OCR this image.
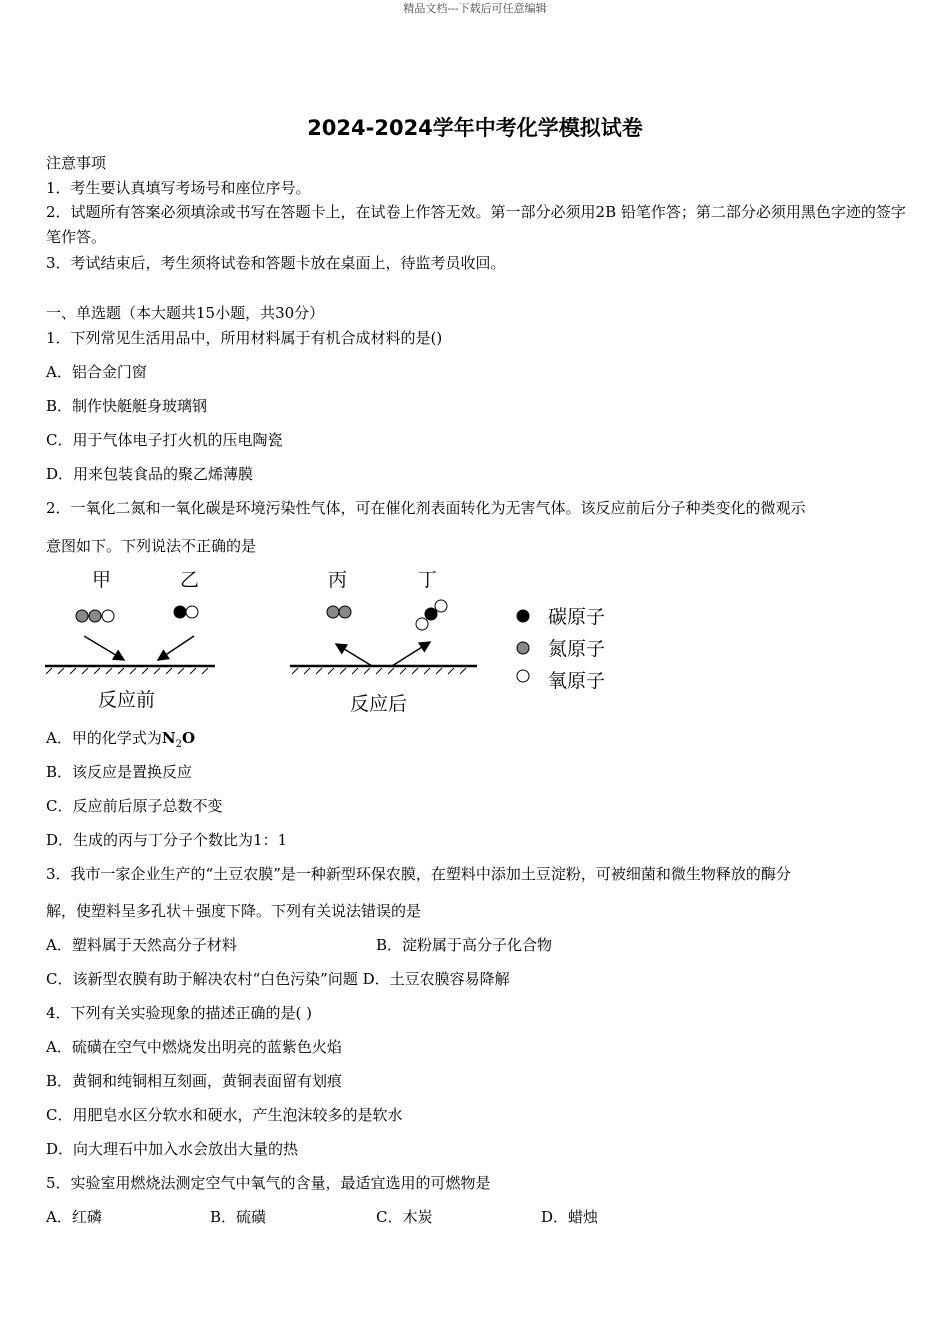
精品文档---下载后可任意编辑
2024-2024学年中考化学模拟试卷
注意事项
1．考生要认真填写考场号和座位序号。
2．试题所有答案必须填涂或书写在答题卡上，在试卷上作答无效。第一部分必须用2B 铅笔作答；第二部分必须用黑色字迹的签字笔作答。
3．考试结束后，考生须将试卷和答题卡放在桌面上，待监考员收回。
一、单选题（本大题共15小题，共30分）
1．下列常见生活用品中，所用材料属于有机合成材料的是()
A．铝合金门窗
B．制作快艇艇身玻璃钢
C．用于气体电子打火机的压电陶瓷
D．用来包装食品的聚乙烯薄膜
2．一氧化二氮和一氧化碳是环境污染性气体，可在催化剂表面转化为无害气体。该反应前后分子种类变化的微观示
意图如下。下列说法不正确的是
甲	乙	丙	丁
反应前	反应后
碳原子
氮原子
氧原子
A．甲的化学式为$N_2O$
B．该反应是置换反应
C．反应前后原子总数不变
D．生成的丙与丁分子个数比为1：1
3．我市一家企业生产的“土豆农膜”是一种新型环保农膜，在塑料中添加土豆淀粉，可被细菌和微生物释放的酶分
解，使塑料呈多孔状＋强度下降。下列有关说法错误的是
A．塑料属于天然高分子材料	B．淀粉属于高分子化合物
C．该新型农膜有助于解决农村“白色污染”问题 D．土豆农膜容易降解
4．下列有关实验现象的描述正确的是( )
A．硫磺在空气中燃烧发出明亮的蓝紫色火焰
B．黄铜和纯铜相互刻画，黄铜表面留有划痕
C．用肥皂水区分软水和硬水，产生泡沫较多的是软水
D．向大理石中加入水会放出大量的热
5．实验室用燃烧法测定空气中氧气的含量，最适宜选用的可燃物是
A．红磷	B．硫磺	C．木炭	D．蜡烛
